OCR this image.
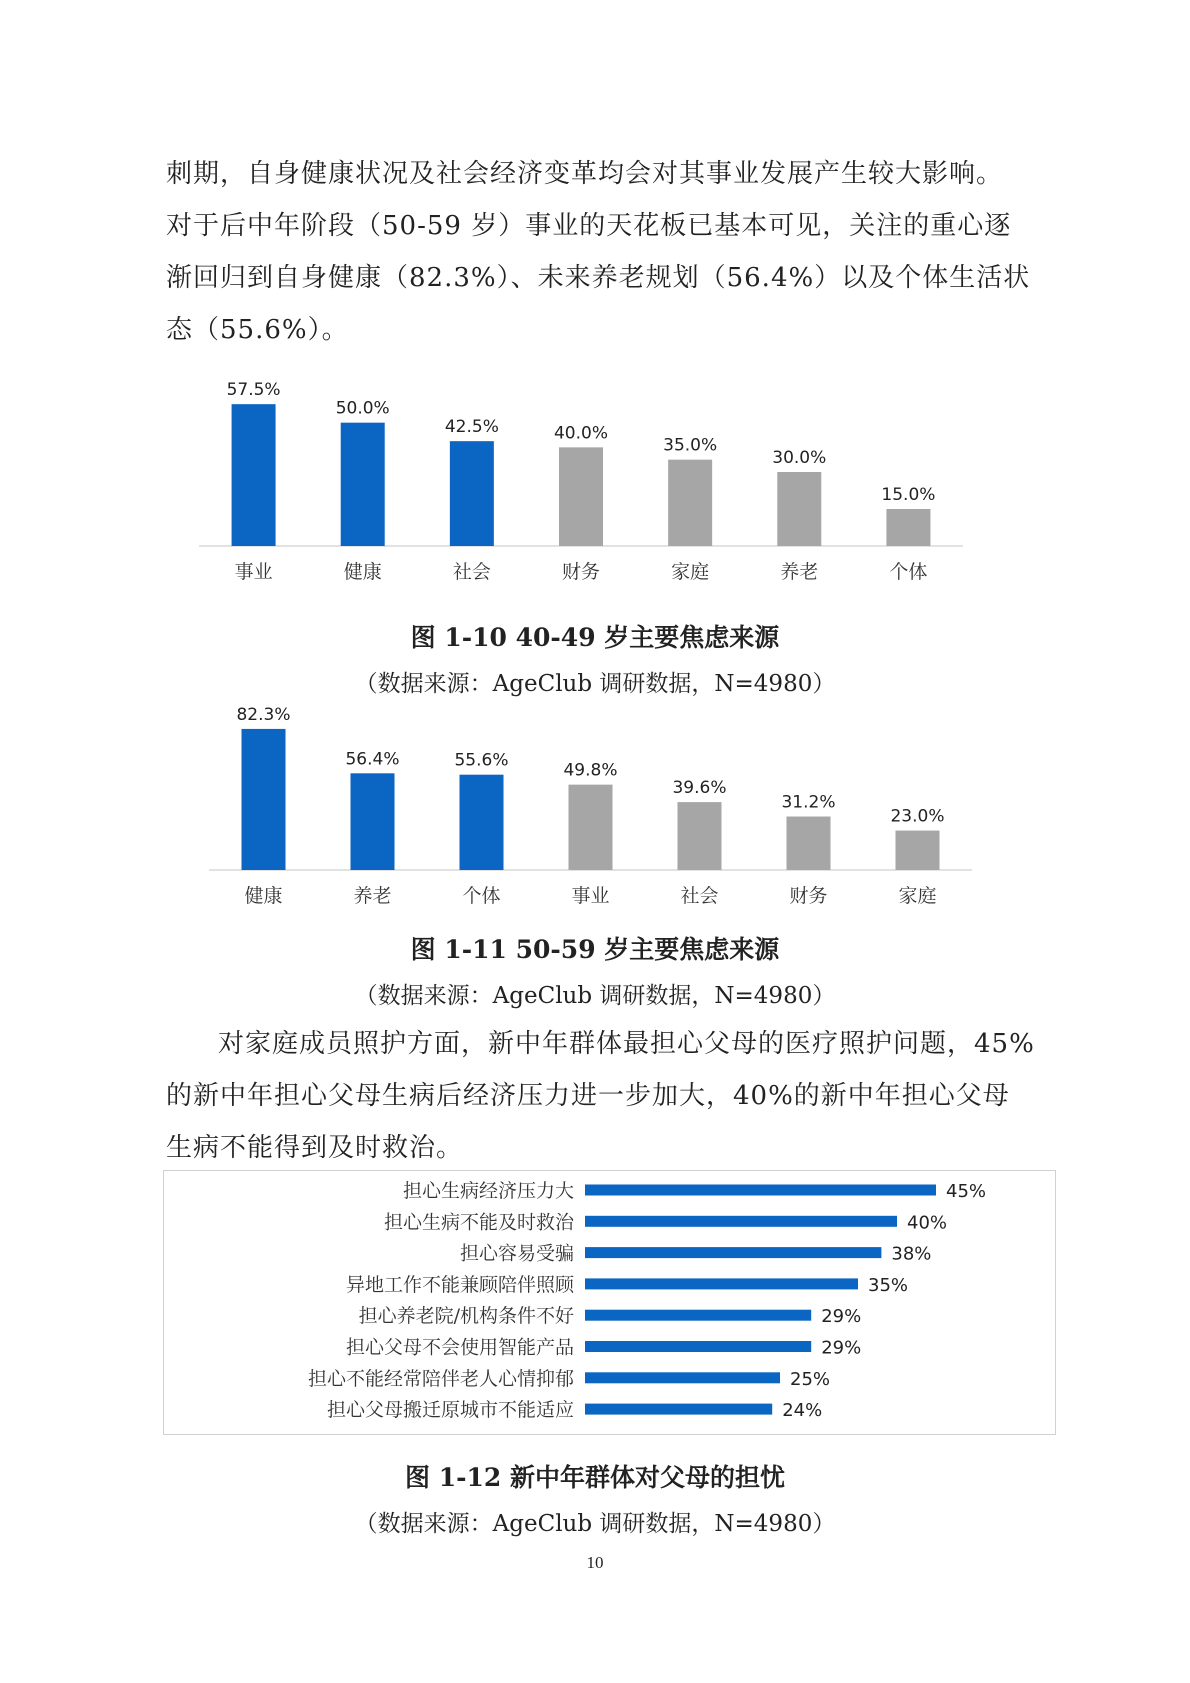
刺期，自身健康状况及社会经济变革均会对其事业发展产生较大影响。
对于后中年阶段（50-59 岁）事业的天花板已基本可见，关注的重心逐
渐回归到自身健康（82.3%）、未来养老规划（56.4%）以及个体生活状
态（55.6%）。
57.5%
事业
50.0%
健康
42.5%
社会
40.0%
财务
35.0%
家庭
30.0%
养老
15.0%
个体
图 1-10 40-49 岁主要焦虑来源
（数据来源：AgeClub 调研数据，N=4980）
82.3%
健康
56.4%
养老
55.6%
个体
49.8%
事业
39.6%
社会
31.2%
财务
23.0%
家庭
图 1-11 50-59 岁主要焦虑来源
（数据来源：AgeClub 调研数据，N=4980）
对家庭成员照护方面，新中年群体最担心父母的医疗照护问题，45%
的新中年担心父母生病后经济压力进一步加大，40%的新中年担心父母
生病不能得到及时救治。
担心生病经济压力大	45%
担心生病不能及时救治	40%
担心容易受骗	38%
异地工作不能兼顾陪伴照顾	35%
担心养老院/机构条件不好	29%
担心父母不会使用智能产品	29%
担心不能经常陪伴老人心情抑郁	25%
担心父母搬迁原城市不能适应	24%
图 1-12 新中年群体对父母的担忧
（数据来源：AgeClub 调研数据，N=4980）
10
